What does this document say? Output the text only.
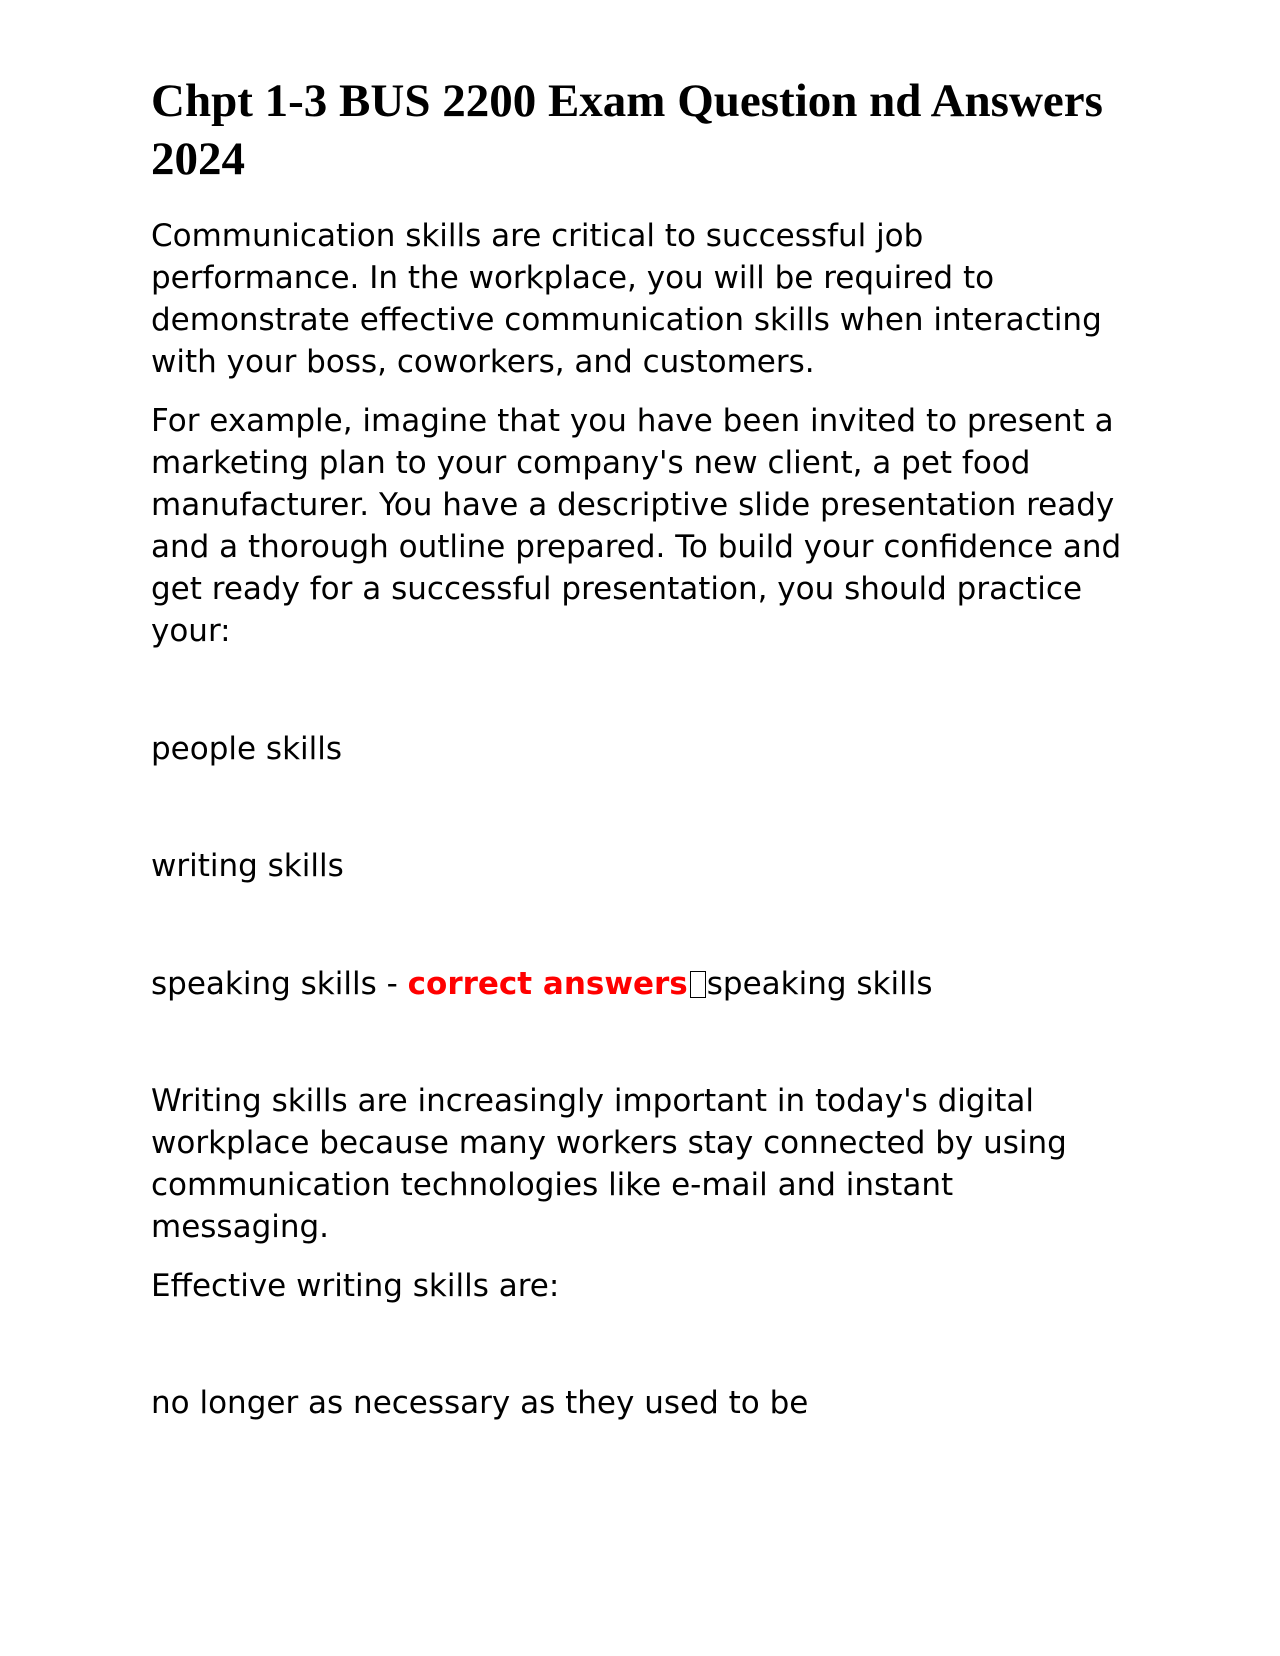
Chpt 1-3 BUS 2200 Exam Question nd Answers 2024

Communication skills are critical to successful job performance. In the workplace, you will be required to demonstrate effective communication skills when interacting with your boss, coworkers, and customers.

For example, imagine that you have been invited to present a marketing plan to your company's new client, a pet food manufacturer. You have a descriptive slide presentation ready and a thorough outline prepared. To build your confidence and get ready for a successful presentation, you should practice your:

people skills

writing skills

speaking skills - correct answers speaking skills

Writing skills are increasingly important in today's digital workplace because many workers stay connected by using communication technologies like e-mail and instant messaging.

Effective writing skills are:

no longer as necessary as they used to be
